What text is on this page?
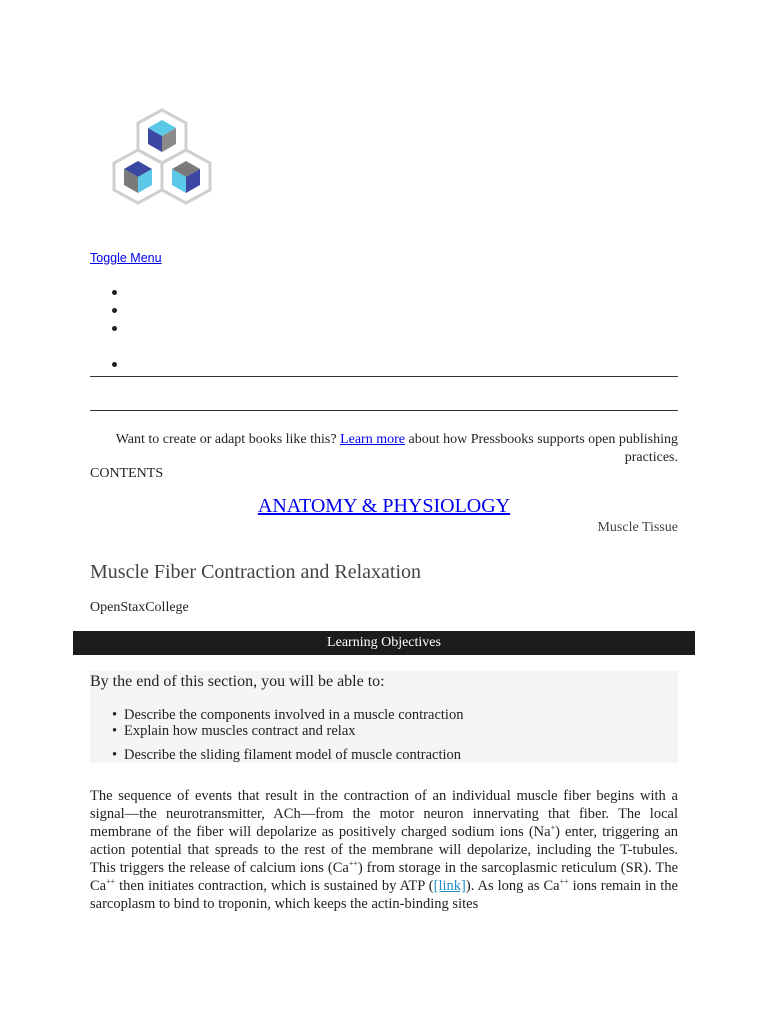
Toggle Menu
Want to create or adapt books like this? Learn more about how Pressbooks supports open publishing practices.
CONTENTS
ANATOMY & PHYSIOLOGY
Muscle Tissue
Muscle Fiber Contraction and Relaxation
OpenStaxCollege
Learning Objectives
By the end of this section, you will be able to:
• Describe the components involved in a muscle contraction
• Explain how muscles contract and relax
• Describe the sliding filament model of muscle contraction

The sequence of events that result in the contraction of an individual muscle fiber begins with a signal—the neurotransmitter, ACh—from the motor neuron innervating that fiber. The local membrane of the fiber will depolarize as positively charged sodium ions (Na+) enter, triggering an action potential that spreads to the rest of the membrane will depolarize, including the T-tubules. This triggers the release of calcium ions (Ca++) from storage in the sarcoplasmic reticulum (SR). The Ca++ then initiates contraction, which is sustained by ATP ([link]). As long as Ca++ ions remain in the sarcoplasm to bind to troponin, which keeps the actin-binding sites
